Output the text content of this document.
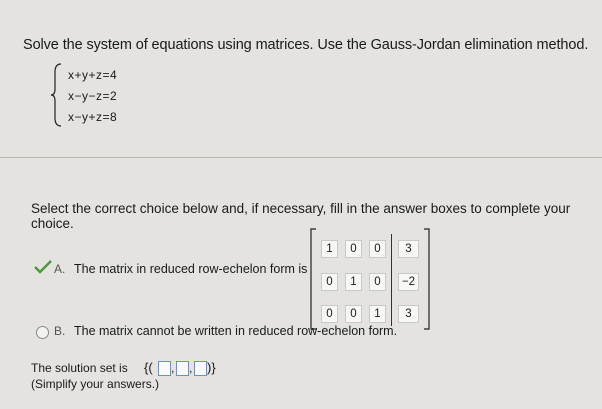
Solve the system of equations using matrices. Use the Gauss-Jordan elimination method.
x+y+z=4
x−y−z=2
x−y+z=8
Select the correct choice below and, if necessary, fill in the answer boxes to complete your choice.
A. The matrix in reduced row-echelon form is
1	0	0	3
0	1	0	−2
0	0	1	3
B. The matrix cannot be written in reduced row-echelon form.
The solution set is {( , , )}
(Simplify your answers.)
